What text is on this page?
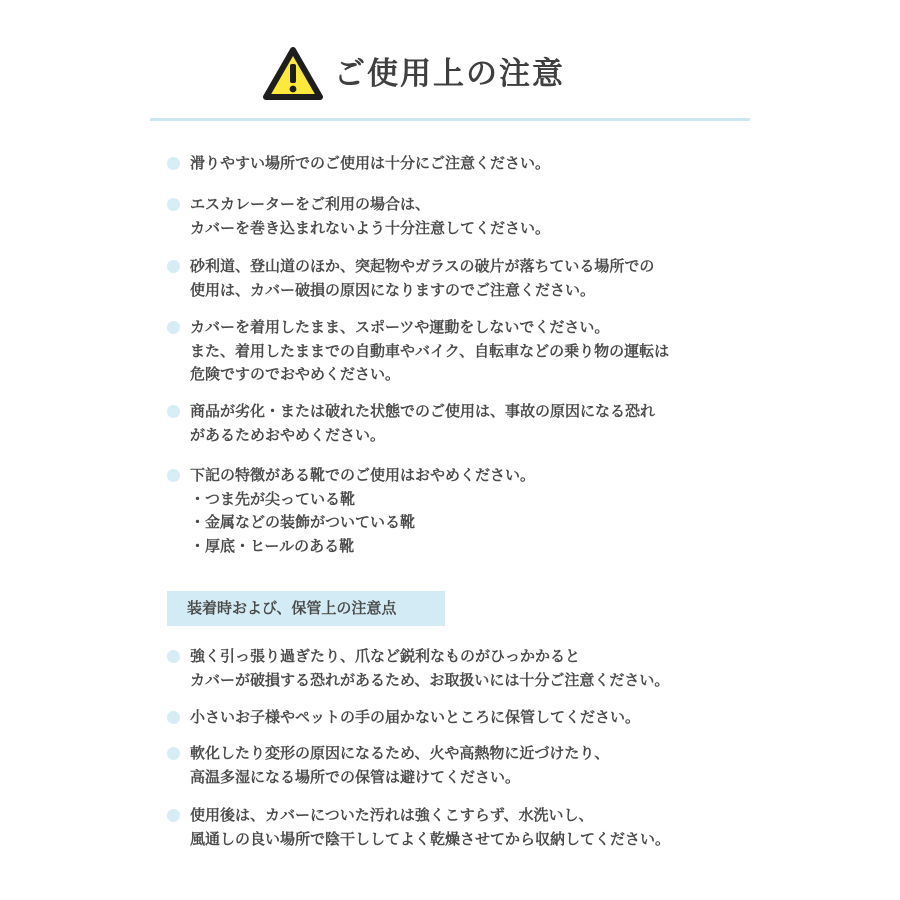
ご使用上の注意
滑りやすい場所でのご使用は十分にご注意ください。
エスカレーターをご利用の場合は、
カバーを巻き込まれないよう十分注意してください。
砂利道、登山道のほか、突起物やガラスの破片が落ちている場所での
使用は、カバー破損の原因になりますのでご注意ください。
カバーを着用したまま、スポーツや運動をしないでください。
また、着用したままでの自動車やバイク、自転車などの乗り物の運転は
危険ですのでおやめください。
商品が劣化・または破れた状態でのご使用は、事故の原因になる恐れ
があるためおやめください。
下記の特徴がある靴でのご使用はおやめください。
・つま先が尖っている靴
・金属などの装飾がついている靴
・厚底・ヒールのある靴
装着時および、保管上の注意点
強く引っ張り過ぎたり、爪など鋭利なものがひっかかると
カバーが破損する恐れがあるため、お取扱いには十分ご注意ください。
小さいお子様やペットの手の届かないところに保管してください。
軟化したり変形の原因になるため、火や高熱物に近づけたり、
高温多湿になる場所での保管は避けてください。
使用後は、カバーについた汚れは強くこすらず、水洗いし、
風通しの良い場所で陰干ししてよく乾燥させてから収納してください。
